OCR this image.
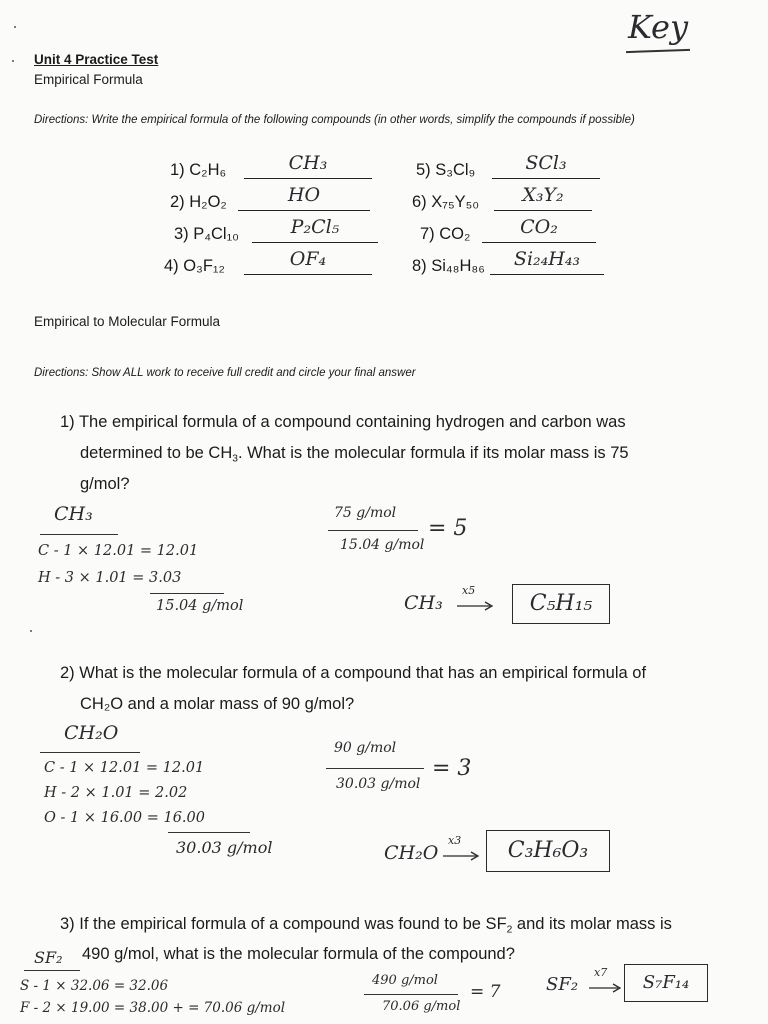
Key
Unit 4 Practice Test
Empirical Formula
Directions: Write the empirical formula of the following compounds (in other words, simplify the compounds if possible)
1) C₂H₆	CH₃
2) H₂O₂	HO
3) P₄Cl₁₀	P₂Cl₅
4) O₃F₁₂	OF₄
5) S₃Cl₉	SCl₃
6) X₇₅Y₅₀	X₃Y₂
7) CO₂	CO₂
8) Si₄₈H₈₆	Si₂₄H₄₃
Empirical to Molecular Formula
Directions: Show ALL work to receive full credit and circle your final answer
1) The empirical formula of a compound containing hydrogen and carbon was
determined to be $CH_3$. What is the molecular formula if its molar mass is 75
g/mol?
CH₃
C - 1 × 12.01 = 12.01
H - 3 × 1.01 = 3.03
15.04 g/mol
75 g/mol
15.04 g/mol
= 5
CH₃
x5
C₅H₁₅
2) What is the molecular formula of a compound that has an empirical formula of
CH₂O and a molar mass of 90 g/mol?
CH₂O
C - 1 × 12.01 = 12.01
H - 2 × 1.01 = 2.02
O - 1 × 16.00 = 16.00
30.03 g/mol
90 g/mol
30.03 g/mol
= 3
CH₂O
x3	C₃H₆O₃
3) If the empirical formula of a compound was found to be $SF_2$ and its molar mass is
490 g/mol, what is the molecular formula of the compound?
SF₂
S - 1 × 32.06 = 32.06
F - 2 × 19.00 = 38.00 + = 70.06 g/mol
490 g/mol
70.06 g/mol
= 7	SF₂
x7	S₇F₁₄
